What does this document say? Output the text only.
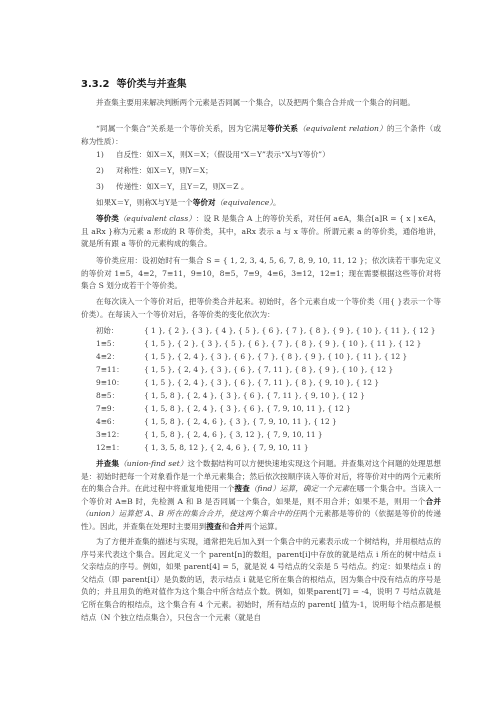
3.3.2 等价类与并查集

并查集主要用来解决判断两个元素是否同属一个集合，以及把两个集合合并成一个集合的问题。

“同属一个集合”关系是一个等价关系，因为它满足等价关系（equivalent relation）的三个条件（或称为性质）：

1) 自反性：如X＝X，则X＝X；（假设用“X＝Y”表示“X与Y等价”）
2) 对称性：如X＝Y，则Y＝X；
3) 传递性：如X＝Y，且Y＝Z，则X＝Z 。

如果X＝Y，则称X与Y是一个等价对（equivalence）。

等价类（equivalent class）：设 R 是集合 A 上的等价关系，对任何 a∈A，集合[a]R = { x | x∈A，且 aRx }称为元素 a 形成的 R 等价类，其中，aRx 表示 a 与 x 等价。所谓元素 a 的等价类，通俗地讲，就是所有跟 a 等价的元素构成的集合。

等价类应用：设初始时有一集合 S = { 1, 2, 3, 4, 5, 6, 7, 8, 9, 10, 11, 12 }；依次读若干事先定义的等价对 1≡5，4≡2，7≡11，9≡10，8≡5，7≡9，4≡6，3≡12，12≡1；现在需要根据这些等价对将集合 S 划分成若干个等价类。

在每次读入一个等价对后，把等价类合并起来。初始时，各个元素自成一个等价类（用{ }表示一个等价类）。在每读入一个等价对后，各等价类的变化依次为：

初始：	{ 1 }, { 2 }, { 3 }, { 4 }, { 5 }, { 6 }, { 7 }, { 8 }, { 9 }, { 10 }, { 11 }, { 12 }
1≡5：	{ 1, 5 }, { 2 }, { 3 }, { 5 }, { 6 }, { 7 }, { 8 }, { 9 }, { 10 }, { 11 }, { 12 }
4≡2：	{ 1, 5 }, { 2, 4 }, { 3 }, { 6 }, { 7 }, { 8 }, { 9 }, { 10 }, { 11 }, { 12 }
7≡11：	{ 1, 5 }, { 2, 4 }, { 3 }, { 6 }, { 7, 11 }, { 8 }, { 9 }, { 10 }, { 12 }
9≡10：	{ 1, 5 }, { 2, 4 }, { 3 }, { 6 }, { 7, 11 }, { 8 }, { 9, 10 }, { 12 }
8≡5：	{ 1, 5, 8 }, { 2, 4 }, { 3 }, { 6 }, { 7, 11 }, { 9, 10 }, { 12 }
7≡9：	{ 1, 5, 8 }, { 2, 4 }, { 3 }, { 6 }, { 7, 9, 10, 11 }, { 12 }
4≡6：	{ 1, 5, 8 }, { 2, 4, 6 }, { 3 }, { 7, 9, 10, 11 }, { 12 }
3≡12：	{ 1, 5, 8 }, { 2, 4, 6 }, { 3, 12 }, { 7, 9, 10, 11 }
12≡1：	{ 1, 3, 5, 8, 12 }, { 2, 4, 6 }, { 7, 9, 10, 11 }

并查集（union-find set）这个数据结构可以方便快速地实现这个问题。并查集对这个问题的处理思想是：初始时把每一个对象看作是一个单元素集合；然后依次按顺序读入等价对后，将等价对中的两个元素所在的集合合并。在此过程中将重复地使用一个搜查（find）运算，确定一个元素在哪一个集合中。当读入一个等价对 A≡B 时，先检测 A 和 B 是否同属一个集合，如果是，则不用合并；如果不是，则用一个合并（union）运算把 A、B 所在的集合合并，使这两个集合中的任两个元素都是等价的（依据是等价的传递性）。因此，并查集在处理时主要用到搜查和合并两个运算。

为了方便并查集的描述与实现，通常把先后加入到一个集合中的元素表示成一个树结构，并用根结点的序号来代表这个集合。因此定义一个 parent[n]的数组，parent[i]中存放的就是结点 i 所在的树中结点 i 父亲结点的序号。例如，如果 parent[4] = 5，就是说 4 号结点的父亲是 5 号结点。约定：如果结点 i 的父结点（即 parent[i]）是负数的话，表示结点 i 就是它所在集合的根结点，因为集合中没有结点的序号是负的；并且用负的绝对值作为这个集合中所含结点个数。例如，如果parent[7] = -4，说明 7 号结点就是它所在集合的根结点，这个集合有 4 个元素。初始时，所有结点的 parent[ ]值为-1，说明每个结点都是根结点（N 个独立结点集合），只包含一个元素（就是自
